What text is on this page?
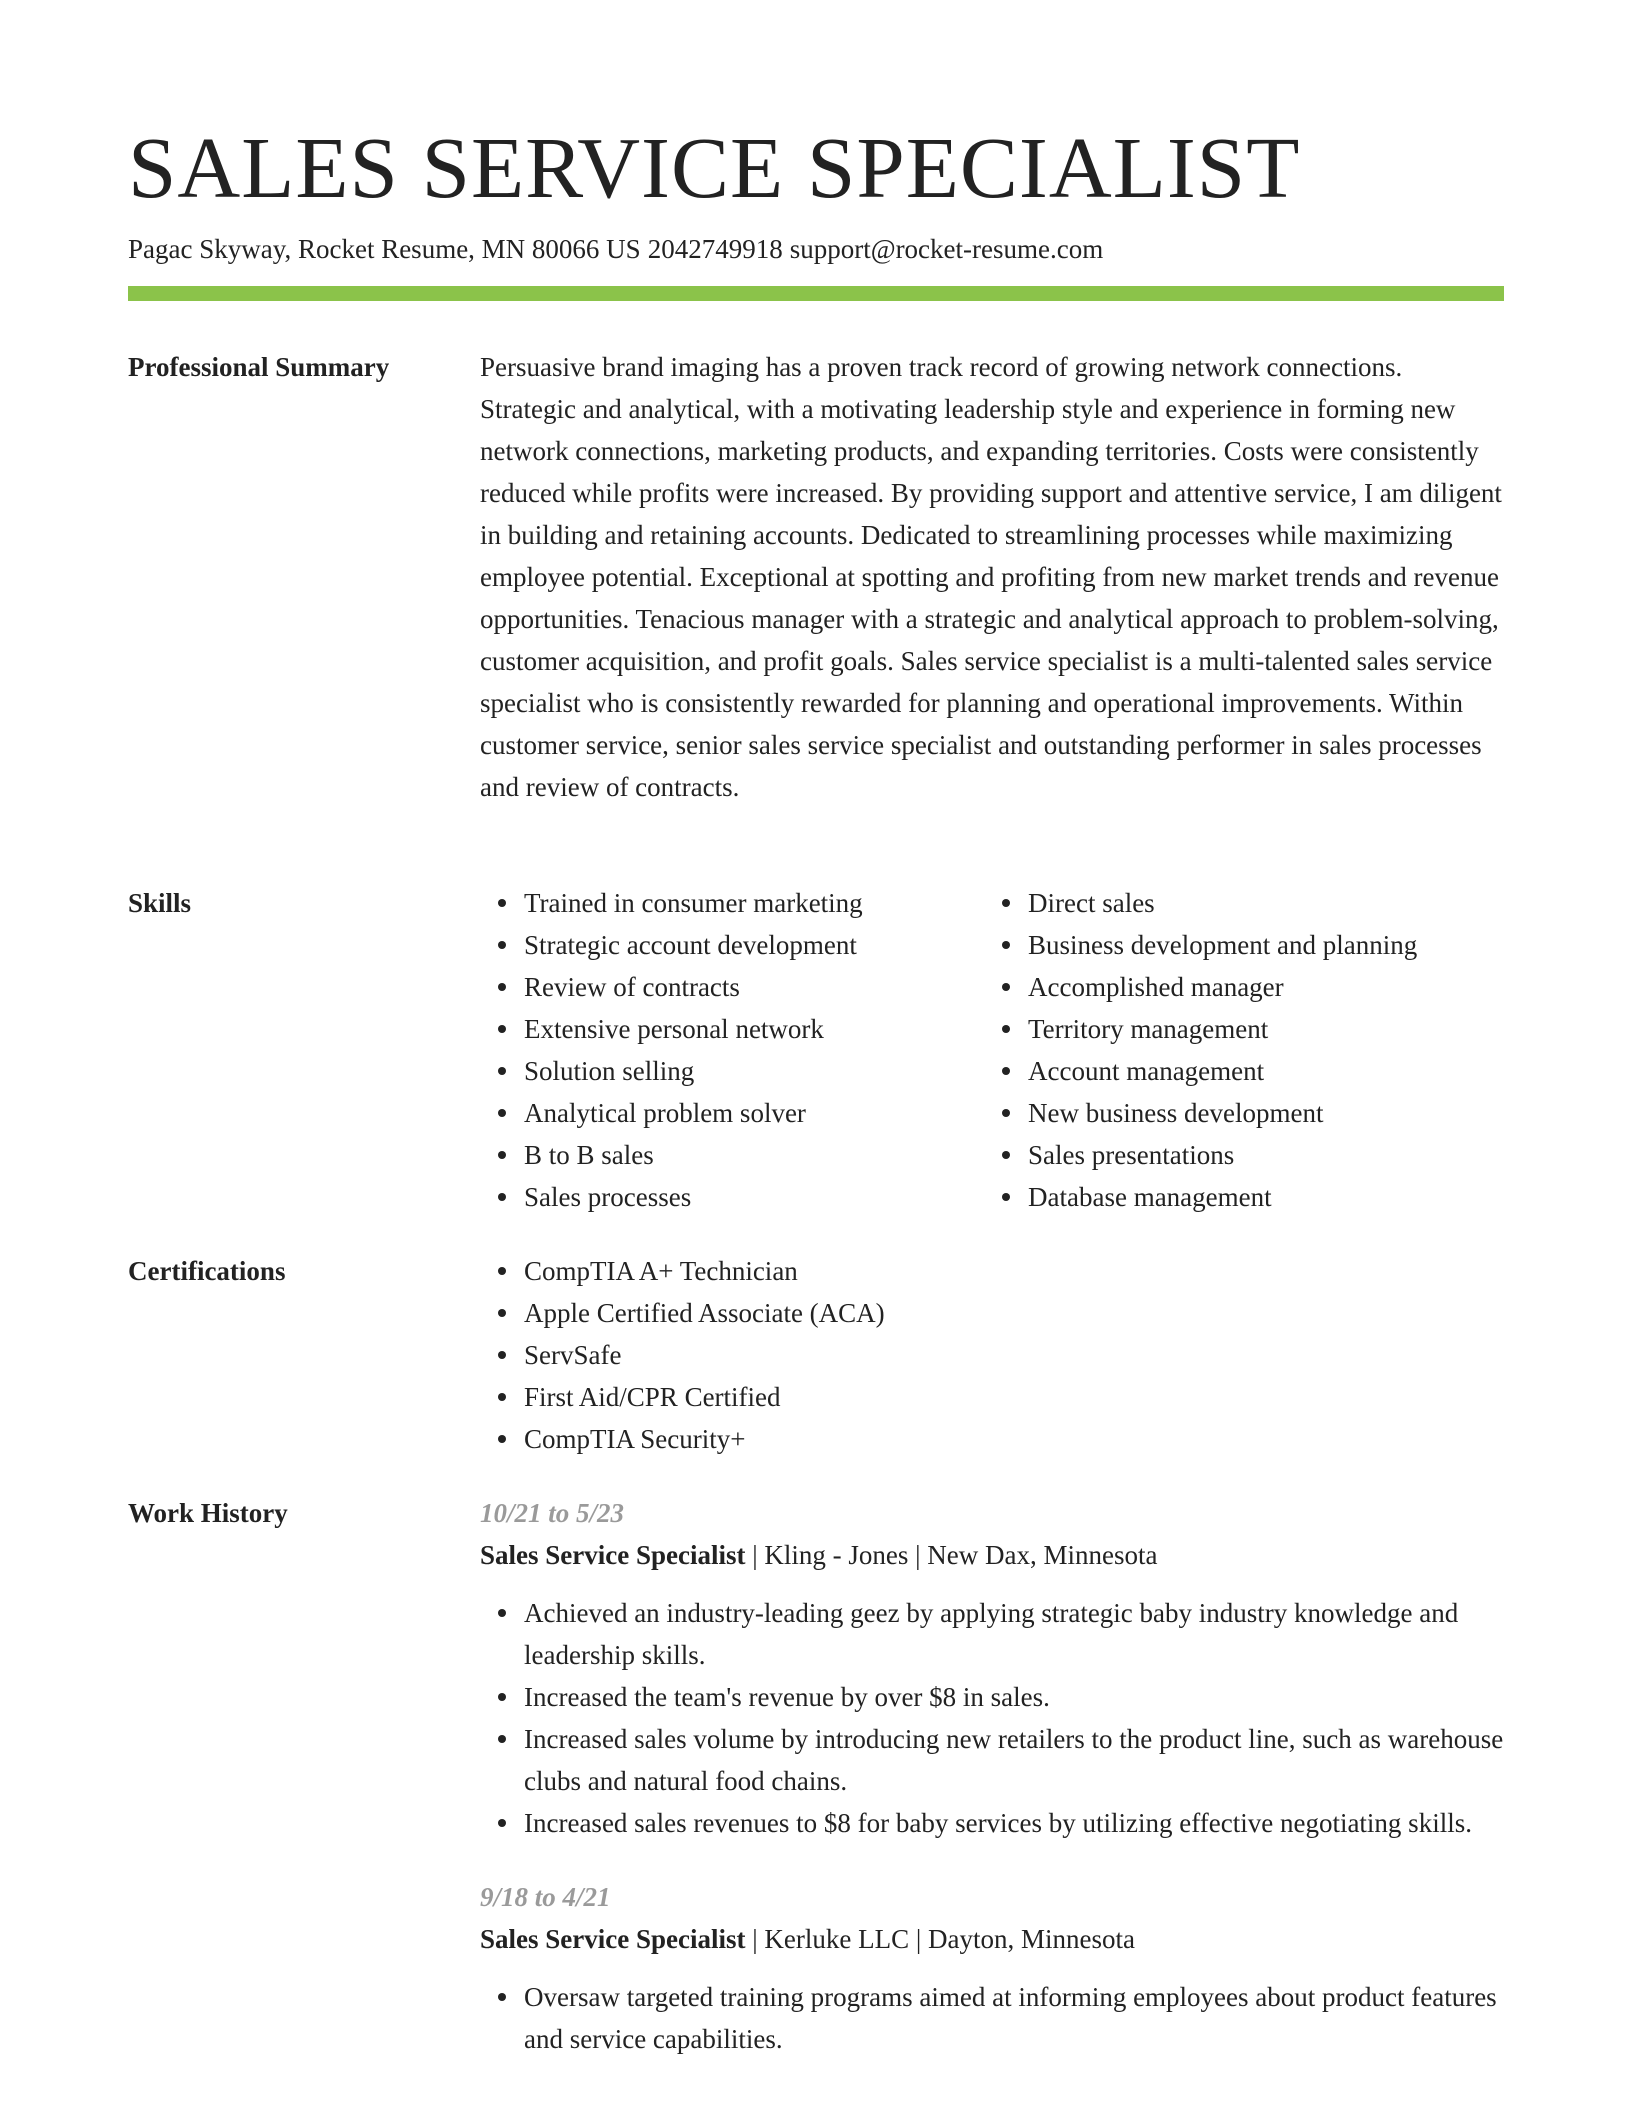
SALES SERVICE SPECIALIST
Pagac Skyway, Rocket Resume, MN 80066 US 2042749918 support@rocket-resume.com
Professional Summary	Persuasive brand imaging has a proven track record of growing network connections. Strategic and analytical, with a motivating leadership style and experience in forming new network connections, marketing products, and expanding territories. Costs were consistently reduced while profits were increased. By providing support and attentive service, I am diligent in building and retaining accounts. Dedicated to streamlining processes while maximizing employee potential. Exceptional at spotting and profiting from new market trends and revenue opportunities. Tenacious manager with a strategic and analytical approach to problem-solving, customer acquisition, and profit goals. Sales service specialist is a multi-talented sales service specialist who is consistently rewarded for planning and operational improvements. Within customer service, senior sales service specialist and outstanding performer in sales processes and review of contracts.

Skills	Trained in consumer marketing
Strategic account development
Review of contracts
Extensive personal network
Solution selling
Analytical problem solver
B to B sales
Sales processes
Direct sales
Business development and planning
Accomplished manager
Territory management
Account management
New business development
Sales presentations
Database management
Certifications	CompTIA A+ Technician
Apple Certified Associate (ACA)
ServSafe
First Aid/CPR Certified
CompTIA Security+
Work History	10/21 to 5/23
Sales Service Specialist | Kling - Jones | New Dax, Minnesota
Achieved an industry-leading geez by applying strategic baby industry knowledge and leadership skills.
Increased the team's revenue by over $8 in sales.
Increased sales volume by introducing new retailers to the product line, such as warehouse clubs and natural food chains.
Increased sales revenues to $8 for baby services by utilizing effective negotiating skills.
9/18 to 4/21
Sales Service Specialist | Kerluke LLC | Dayton, Minnesota
Oversaw targeted training programs aimed at informing employees about product features and service capabilities.
